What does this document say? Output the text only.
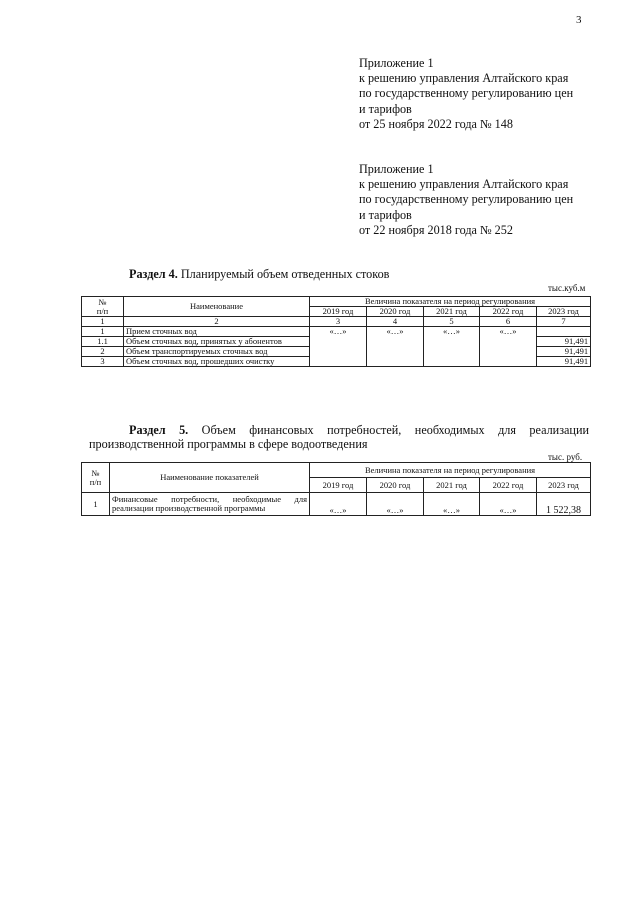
3
Приложение 1
к решению управления Алтайского края
по государственному регулированию цен
и тарифов
от 25 ноября 2022 года № 148
Приложение 1
к решению управления Алтайского края
по государственному регулированию цен
и тарифов
от 22 ноября 2018 года № 252
Раздел 4. Планируемый объем отведенных стоков
тыс.куб.м
№
п/п	Наименование	Величина показателя на период регулирования				
		2019 год	2020 год	2021 год	2022 год	2023 год
1	2	3	4	5	6	7
1	Прием сточных вод	«…»	«…»	«…»	«…»	
1.1	Объем сточных вод, принятых у абонентов					91,491
2	Объем транспортируемых сточных вод					91,491
3	Объем сточных вод, прошедших очистку					91,491
Раздел 5. Объем финансовых потребностей, необходимых для реализации
производственной программы в сфере водоотведения
тыс. руб.
№
п/п	Наименование показателей	Величина показателя на период регулирования				
		2019 год	2020 год	2021 год	2022 год	2023 год
1	Финансовые потребности, необходимые для реализации производственной программы	«…»	«…»	«…»	«…»	1 522,38
